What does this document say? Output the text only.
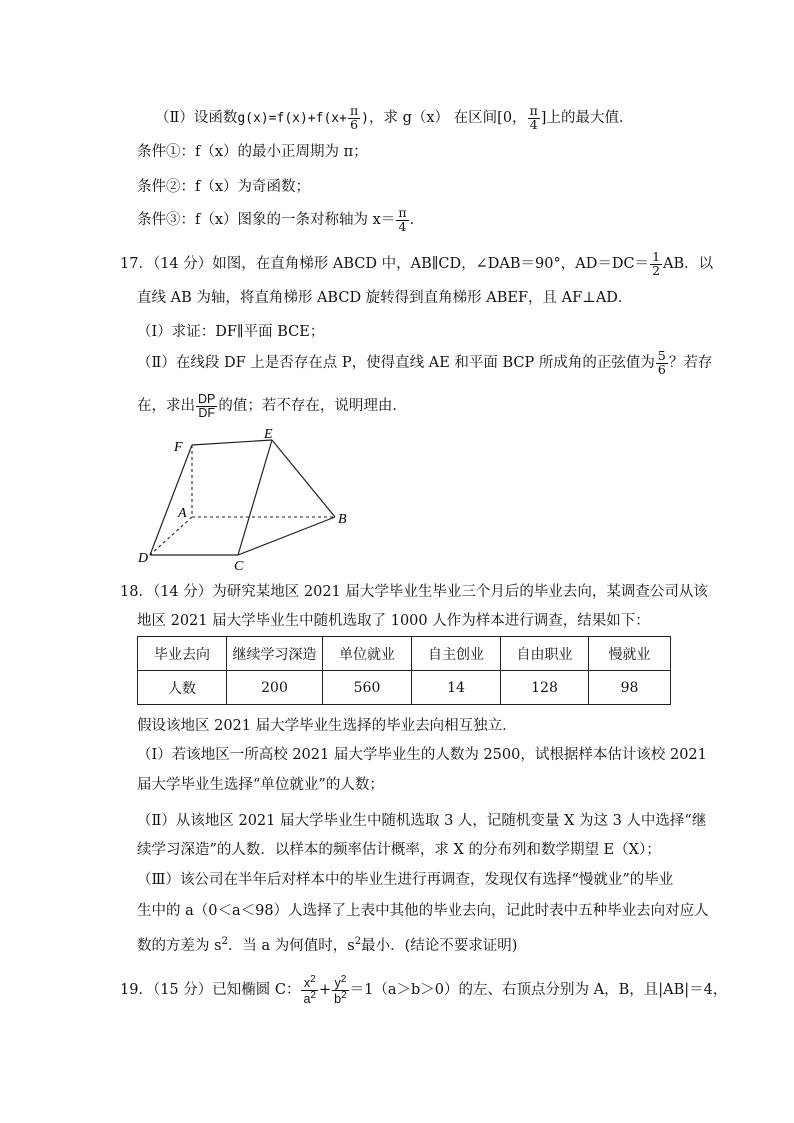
（Ⅱ）设函数$g(x)=f(x)+f(x+ \frac{\pi}{6}$ )，求 g（x） 在区间[0， $\frac{\pi}{4}$ ]上的最大值．
条件①：f（x）的最小正周期为 π；
条件②：f（x）为奇函数；
条件③：f（x）图象的一条对称轴为 $x= \frac{\pi}{4}$ ．
17．（14 分）如图，在直角梯形 ABCD 中，AB∥CD，∠DAB＝90°，$AD=DC= \frac{1}{2}$ AB．以
直线 AB 为轴，将直角梯形 ABCD 旋转得到直角梯形 ABEF，且 AF⊥AD．
（Ⅰ）求证：DF∥平面 BCE；
（Ⅱ）在线段 DF 上是否存在点 P，使得直线 AE 和平面 BCP 所成角的正弦值为 $\frac{5}{6}$ ？若存
在，求出 $\frac{DP}{DF}$ 的值；若不存在，说明理由．
F
E
A	B
D
C
18．（14 分）为研究某地区 2021 届大学毕业生毕业三个月后的毕业去向，某调查公司从该
地区 2021 届大学毕业生中随机选取了 1000 人作为样本进行调查，结果如下：
毕业去向	继续学习深造	单位就业	自主创业	自由职业	慢就业
人数	200	560	14	128	98
假设该地区 2021 届大学毕业生选择的毕业去向相互独立．
（Ⅰ）若该地区一所高校 2021 届大学毕业生的人数为 2500，试根据样本估计该校 2021
届大学毕业生选择“单位就业”的人数；
（Ⅱ）从该地区 2021 届大学毕业生中随机选取 3 人，记随机变量 X 为这 3 人中选择“继
续学习深造”的人数．以样本的频率估计概率，求 X 的分布列和数学期望 E（X）；
（Ⅲ）该公司在半年后对样本中的毕业生进行再调查，发现仅有选择“慢就业”的毕业
生中的 a（0＜a＜98）人选择了上表中其他的毕业去向，记此时表中五种毕业去向对应人
数的方差为 $s^2$．当 a 为何值时，$s^2$最小．(结论不要求证明)
19．（15 分）已知椭圆 C： $\frac{x^2}{a^2} + \frac{y^2}{b^2} =1(a>b>0)$的左、右顶点分别为 A，B，且|AB|＝4，
